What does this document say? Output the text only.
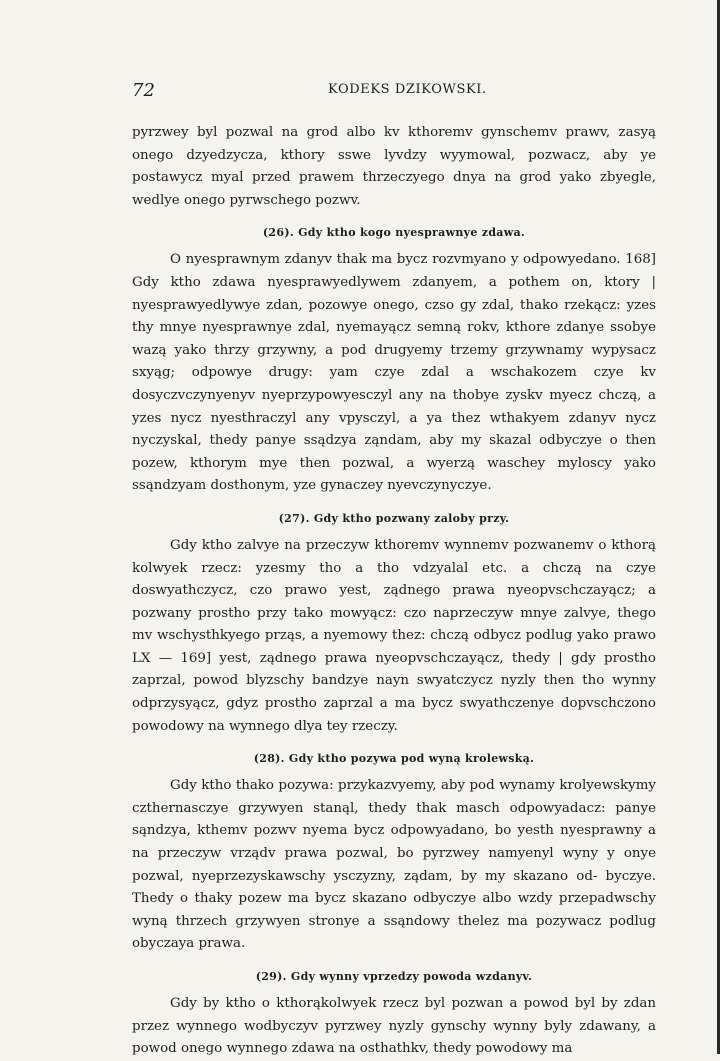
72	KODEKS DZIKOWSKI.

pyrzwey byl pozwal na grod albo kv kthoremv gynschemv prawv, zasyą onego dzyedzycza, kthory sswe lyvdzy wyymowal, pozwacz, aby ye postawycz myal przed prawem thrzeczyego dnya na grod yako zbyegle, wedlye onego pyrwschego pozwv.

(26). Gdy ktho kogo nyesprawnye zdawa.

O nyesprawnym zdanyv thak ma bycz rozvmyano y odpowyedano. 168] Gdy ktho zdawa nyesprawyedlywem zdanyem, a pothem on, ktory | nyesprawyedlywye zdan, pozowye onego, czso gy zdal, thako rzekącz: yzes thy mnye nyesprawnye zdal, nyemayącz semną rokv, kthore zdanye ssobye wazą yako thrzy grzywny, a pod drugyemy trzemy grzywnamy wypysacz sxyąg; odpowye drugy: yam czye zdal a wschakozem czye kv dosyczvczynyenyv nyeprzypowyesczyl any na thobye zyskv myecz chczą, a yzes nycz nyesthraczyl any vpysczyl, a ya thez wthakyem zdanyv nycz nyczyskal, thedy panye ssądzya ząndam, aby my skazal odbyczye o then pozew, kthorym mye then pozwal, a wyerzą waschey myloscy yako ssąndzyam dosthonym, yze gynaczey nyevczynyczye.

(27). Gdy ktho pozwany zaloby przy.

Gdy ktho zalvye na przeczyw kthoremv wynnemv pozwanemv o kthorą kolwyek rzecz: yzesmy tho a tho vdzyalal etc. a chczą na czye doswyathczycz, czo prawo yest, ządnego prawa nyeopvschczayącz; a pozwany prostho przy tako mowyącz: czo naprzeczyw mnye zalvye, thego mv wschysthkyego prząs, a nyemowy thez: chczą odbycz podlug yako prawo LX — 169] yest, ządnego prawa nyeopvschczayącz, thedy | gdy prostho zaprzal, powod blyzschy bandzye nayn swyatczycz nyzly then tho wynny odprzysyącz, gdyz prostho zaprzal a ma bycz swyathczenye dopvschczono powodowy na wynnego dlya tey rzeczy.

(28). Gdy ktho pozywa pod wyną krolewską.

Gdy ktho thako pozywa: przykazvyemy, aby pod wynamy krolyewskymy czthernasczye grzywyen stanąl, thedy thak masch odpowyadacz: panye sąndzya, kthemv pozwv nyema bycz odpowyadano, bo yesth nyesprawny a na przeczyw vrządv prawa pozwal, bo pyrzwey namyenyl wyny y onye pozwal, nyeprzezyskawschy ysczyzny, ządam, by my skazano od- byczye. Thedy o thaky pozew ma bycz skazano odbyczye albo wzdy przepadwschy wyną thrzech grzywyen stronye a ssąndowy thelez ma pozywacz podlug obyczaya prawa.

(29). Gdy wynny vprzedzy powoda wzdanyv.

Gdy by ktho o kthorąkolwyek rzecz byl pozwan a powod byl by zdan przez wynnego wodbyczyv pyrzwey nyzly gynschy wynny byly zdawany, a powod onego wynnego zdawa na osthathkv, thedy powodowy ma
